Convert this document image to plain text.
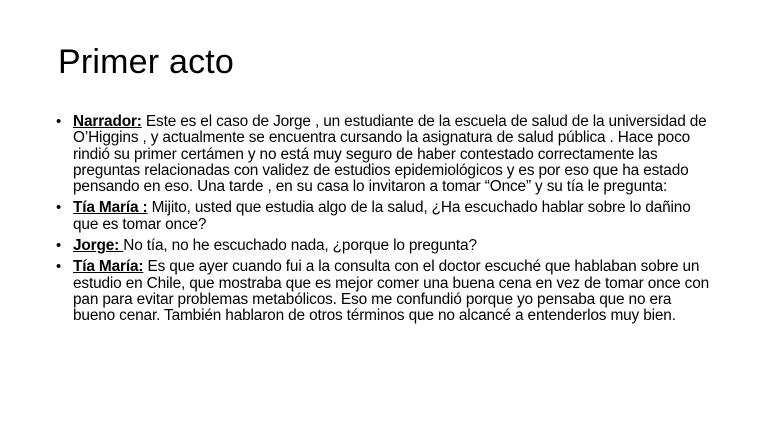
Primer acto
• Narrador: Este es el caso de Jorge , un estudiante de la escuela de salud de la universidad de O’Higgins , y actualmente se encuentra cursando la asignatura de salud pública . Hace poco rindió su primer certámen y no está muy seguro de haber contestado correctamente las preguntas relacionadas con validez de estudios epidemiológicos y es por eso que ha estado pensando en eso. Una tarde , en su casa lo invitaron a tomar “Once” y su tía le pregunta:
• Tía María : Mijito, usted que estudia algo de la salud, ¿Ha escuchado hablar sobre lo dañino que es tomar once?
• Jorge: No tía, no he escuchado nada, ¿porque lo pregunta?
• Tía María: Es que ayer cuando fui a la consulta con el doctor escuché que hablaban sobre un estudio en Chile, que mostraba que es mejor comer una buena cena en vez de tomar once con pan para evitar problemas metabólicos. Eso me confundió porque yo pensaba que no era bueno cenar. También hablaron de otros términos que no alcancé a entenderlos muy bien.
